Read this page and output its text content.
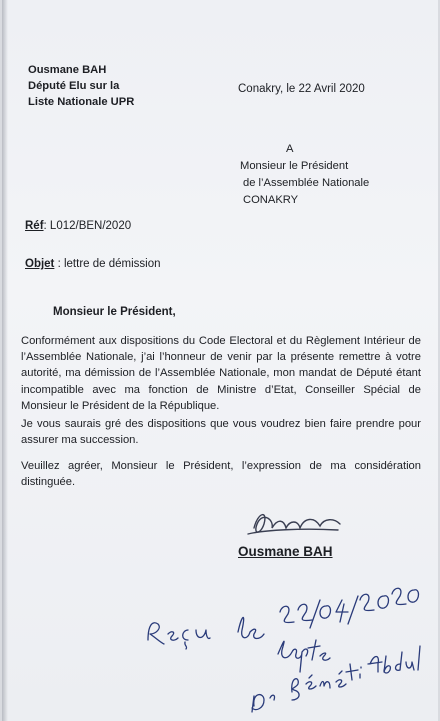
Ousmane BAH
Député Elu sur la
Liste Nationale UPR
Conakry, le 22 Avril 2020
A
Monsieur le Président
de l’Assemblée Nationale
CONAKRY
Réf: L012/BEN/2020
Objet : lettre de démission
Monsieur le Président,
Conformément aux dispositions du Code Electoral et du Règlement Intérieur de l’Assemblée Nationale, j’ai l’honneur de venir par la présente remettre à votre autorité, ma démission de l’Assemblée Nationale, mon mandat de Député étant incompatible avec ma fonction de Ministre d’Etat, Conseiller Spécial de Monsieur le Président de la République.
Je vous saurais gré des dispositions que vous voudrez bien faire prendre pour assurer ma succession.
Veuillez agréer, Monsieur le Président, l’expression de ma considération distinguée.
Ousmane BAH
